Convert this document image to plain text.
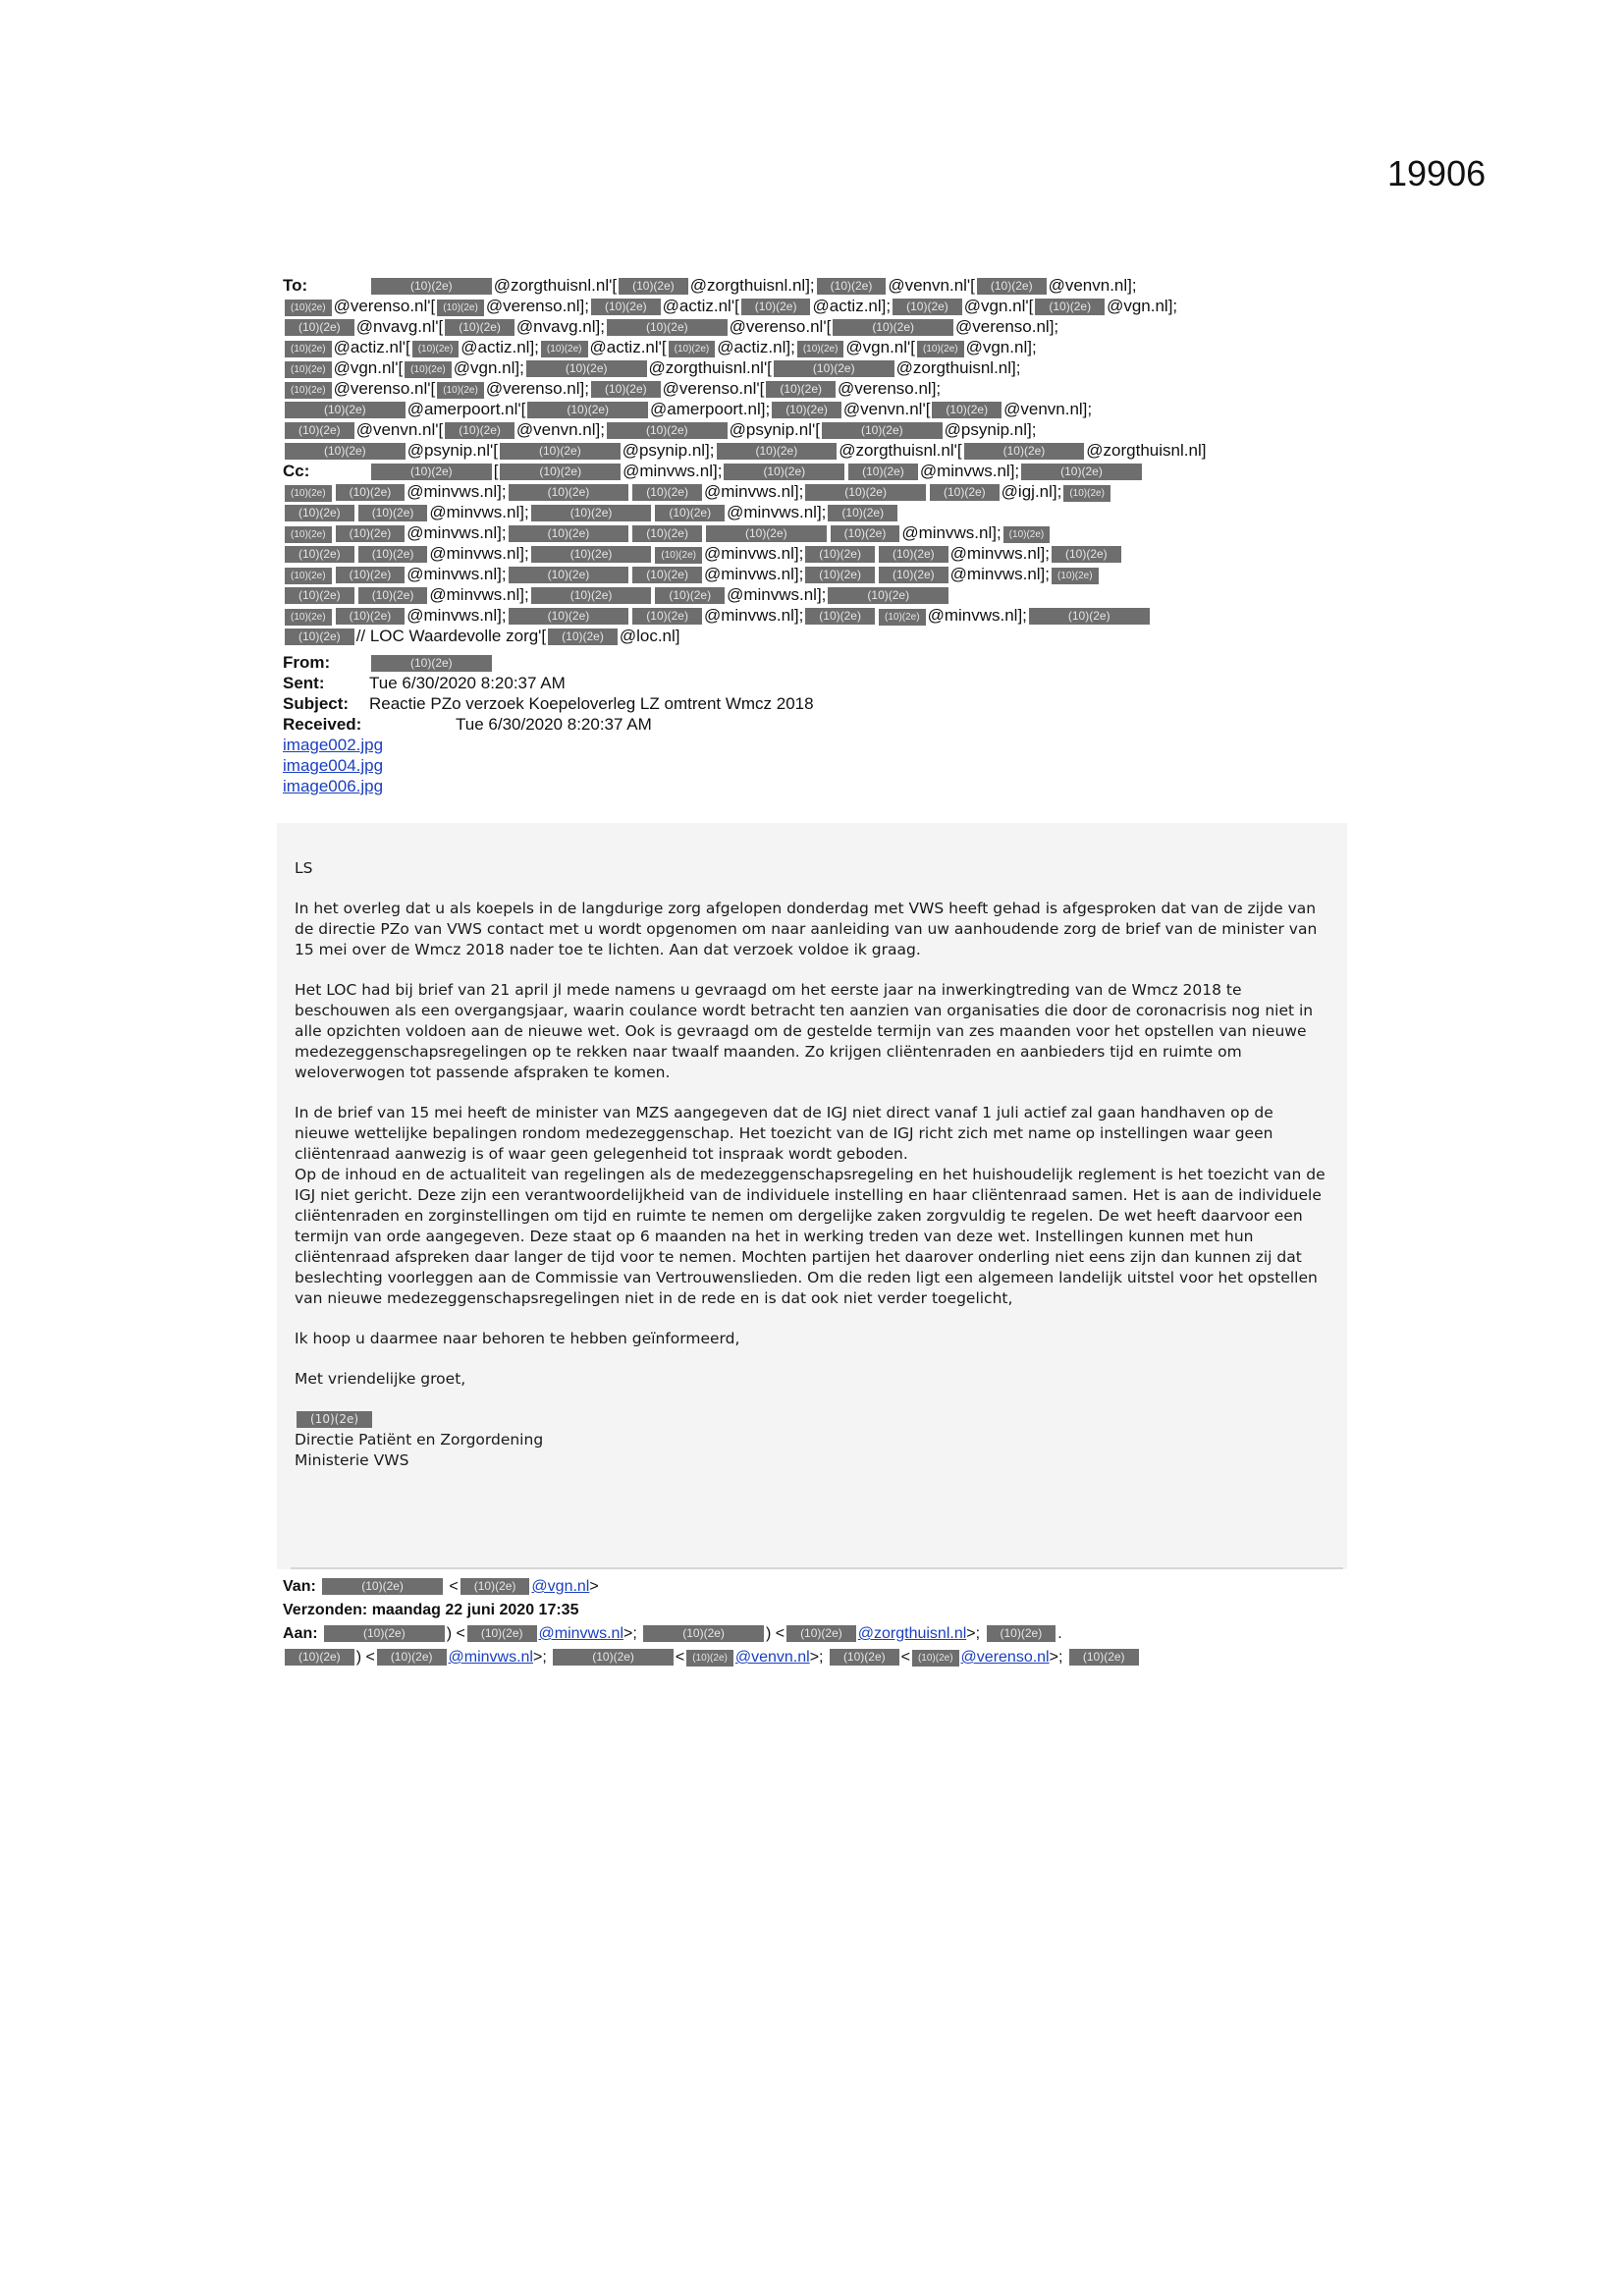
19906
To:	(10)(2e) @zorgthuisnl.nl'[ (10)(2e) @zorgthuisnl.nl]; (10)(2e) @venvn.nl'[ (10)(2e) @venvn.nl];
(10)(2e) @verenso.nl'[ (10)(2e) @verenso.nl]; (10)(2e) @actiz.nl'[ (10)(2e) @actiz.nl]; (10)(2e) @vgn.nl'[ (10)(2e) @vgn.nl];
(10)(2e) @nvavg.nl'[ (10)(2e) @nvavg.nl];	(10)(2e) @verenso.nl'[	(10)(2e) @verenso.nl];
(10)(2e) @actiz.nl'[ (10)(2e) @actiz.nl]; (10)(2e) @actiz.nl'[ (10)(2e) @actiz.nl]; (10)(2e) @vgn.nl'[ (10)(2e) @vgn.nl];
(10)(2e) @vgn.nl'[ (10)(2e) @vgn.nl];	(10)(2e) @zorgthuisnl.nl'[	(10)(2e) @zorgthuisnl.nl];
(10)(2e) @verenso.nl'[ (10)(2e) @verenso.nl]; (10)(2e) @verenso.nl'[ (10)(2e) @verenso.nl];
(10)(2e) @amerpoort.nl'[	(10)(2e) @amerpoort.nl]; (10)(2e) @venvn.nl'[ (10)(2e) @venvn.nl];
(10)(2e) @venvn.nl'[ (10)(2e) @venvn.nl];	(10)(2e) @psynip.nl'[	(10)(2e) @psynip.nl];
(10)(2e) @psynip.nl'[	(10)(2e) @psynip.nl];	(10)(2e) @zorgthuisnl.nl'[	(10)(2e) @zorgthuisnl.nl]
Cc:	(10)(2e) [	(10)(2e) @minvws.nl];	(10)(2e)	(10)(2e) @minvws.nl];	(10)(2e)
(10)(2e) (10)(2e) @minvws.nl];	(10)(2e)	(10)(2e) @minvws.nl];	(10)(2e)	(10)(2e) @igj.nl]; (10)(2e)
(10)(2e)	(10)(2e) @minvws.nl];	(10)(2e)	(10)(2e) @minvws.nl]; (10)(2e)
(10)(2e) (10)(2e) @minvws.nl];	(10)(2e)	(10)(2e)	(10)(2e)	(10)(2e) @minvws.nl]; (10)(2e)
(10)(2e)	(10)(2e) @minvws.nl];	(10)(2e)	(10)(2e) @minvws.nl]; (10)(2e)	(10)(2e) @minvws.nl]; (10)(2e)
(10)(2e) (10)(2e) @minvws.nl];	(10)(2e)	(10)(2e) @minvws.nl]; (10)(2e)	(10)(2e) @minvws.nl]; (10)(2e)
(10)(2e)	(10)(2e) @minvws.nl];	(10)(2e)	(10)(2e) @minvws.nl];	(10)(2e)
(10)(2e) (10)(2e) @minvws.nl];	(10)(2e)	(10)(2e) @minvws.nl]; (10)(2e) (10)(2e) @minvws.nl];	(10)(2e)
(10)(2e) // LOC Waardevolle zorg'[ (10)(2e) @loc.nl]
From:	(10)(2e)
Sent:	Tue 6/30/2020 8:20:37 AM
Subject: Reactie PZo verzoek Koepeloverleg LZ omtrent Wmcz 2018
Received:	Tue 6/30/2020 8:20:37 AM
image002.jpg
image004.jpg
image006.jpg

LS

In het overleg dat u als koepels in de langdurige zorg afgelopen donderdag met VWS heeft gehad is afgesproken dat van de zijde van de directie PZo van VWS contact met u wordt opgenomen om naar aanleiding van uw aanhoudende zorg de brief van de minister van 15 mei over de Wmcz 2018 nader toe te lichten. Aan dat verzoek voldoe ik graag.

Het LOC had bij brief van 21 april jl mede namens u gevraagd om het eerste jaar na inwerkingtreding van de Wmcz 2018 te beschouwen als een overgangsjaar, waarin coulance wordt betracht ten aanzien van organisaties die door de coronacrisis nog niet in alle opzichten voldoen aan de nieuwe wet. Ook is gevraagd om de gestelde termijn van zes maanden voor het opstellen van nieuwe medezeggenschapsregelingen op te rekken naar twaalf maanden. Zo krijgen cliëntenraden en aanbieders tijd en ruimte om weloverwogen tot passende afspraken te komen.

In de brief van 15 mei heeft de minister van MZS aangegeven dat de IGJ niet direct vanaf 1 juli actief zal gaan handhaven op de nieuwe wettelijke bepalingen rondom medezeggenschap. Het toezicht van de IGJ richt zich met name op instellingen waar geen cliëntenraad aanwezig is of waar geen gelegenheid tot inspraak wordt geboden.

Op de inhoud en de actualiteit van regelingen als de medezeggenschapsregeling en het huishoudelijk reglement is het toezicht van de IGJ niet gericht. Deze zijn een verantwoordelijkheid van de individuele instelling en haar cliëntenraad samen. Het is aan de individuele cliëntenraden en zorginstellingen om tijd en ruimte te nemen om dergelijke zaken zorgvuldig te regelen. De wet heeft daarvoor een termijn van orde aangegeven. Deze staat op 6 maanden na het in werking treden van deze wet. Instellingen kunnen met hun cliëntenraad afspreken daar langer de tijd voor te nemen. Mochten partijen het daarover onderling niet eens zijn dan kunnen zij dat beslechting voorleggen aan de Commissie van Vertrouwenslieden. Om die reden ligt een algemeen landelijk uitstel voor het opstellen van nieuwe medezeggenschapsregelingen niet in de rede en is dat ook niet verder toegelicht,

Ik hoop u daarmee naar behoren te hebben geïnformeerd,

Met vriendelijke groet,

(10)(2e)
Directie Patiënt en Zorgordening
Ministerie VWS
Van:	(10)(2e)	< (10)(2e) @vgn.nl>
Verzonden: maandag 22 juni 2020 17:35
Aan:	(10)(2e)	) < (10)(2e) @minvws.nl>;	(10)(2e)	) < (10)(2e) @zorgthuisnl.nl>; (10)(2e) .
(10)(2e) ) < (10)(2e) @minvws.nl>;	(10)(2e)	< (10)(2e) @venvn.nl>; (10)(2e) < (10)(2e) @verenso.nl>; (10)(2e)
